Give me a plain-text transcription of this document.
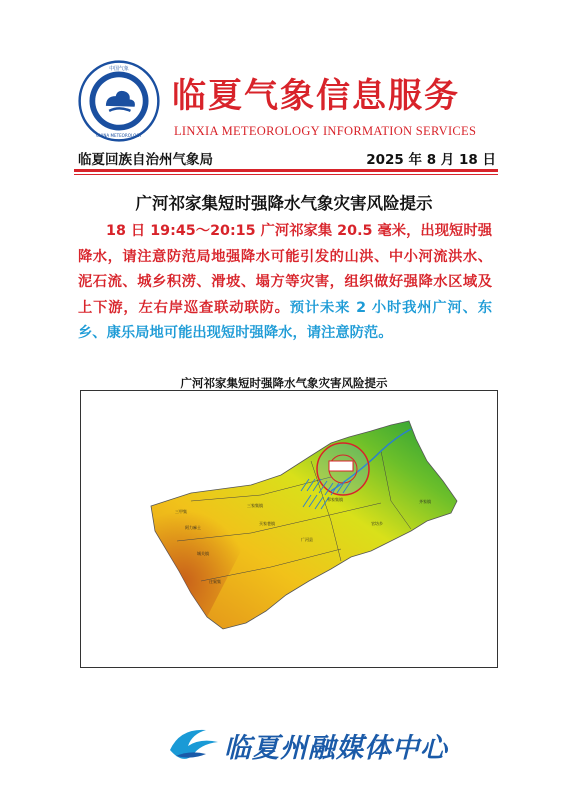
中国气象
CHINA METEOROLOGY
临夏气象信息服务
LINXIA METEOROLOGY INFORMATION SERVICES
临夏回族自治州气象局	2025 年 8 月 18 日
广河祁家集短时强降水气象灾害风险提示
18 日 19:45～20:15 广河祁家集 20.5 毫米，出现短时强降水，请注意防范局地强降水可能引发的山洪、中小河流洪水、泥石流、城乡积涝、滑坡、塌方等灾害，组织做好强降水区域及上下游，左右岸巡查联动联防。预计未来 2 小时我州广河、东乡、康乐局地可能出现短时强降水，请注意防范。
广河祁家集短时强降水气象灾害风险提示
三甲集
阿力麻土
三家集镇
买家巷镇
祁家集镇
城关镇
庄窠集
齐家镇
官坊乡
广河县
临夏州融媒体中心
